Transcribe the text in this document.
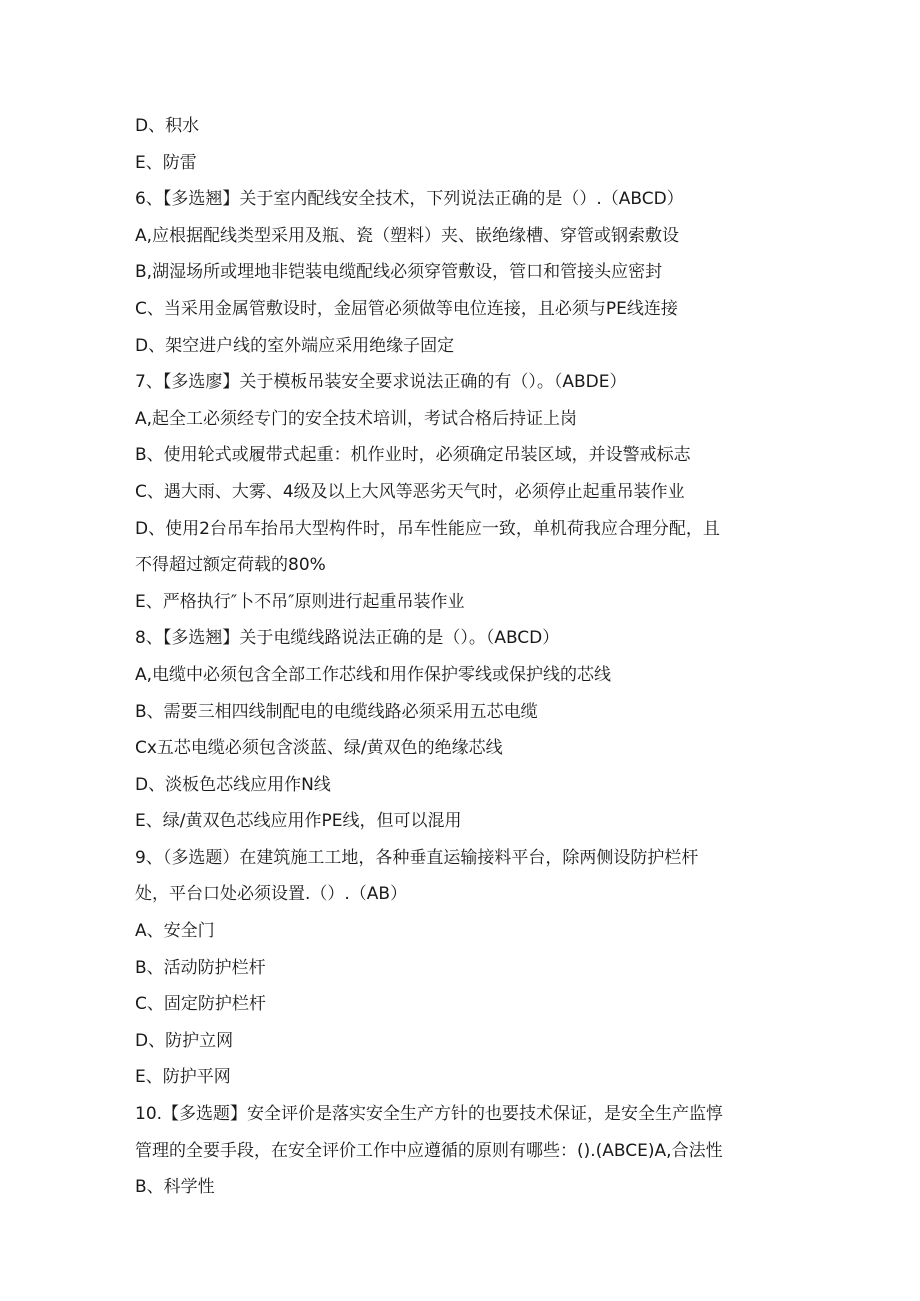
D、积水
E、防雷
6、【多选翘】关于室内配线安全技术，下列说法正确的是（）.（ABCD）
A,应根据配线类型采用及瓶、瓷（塑料）夹、嵌绝缘槽、穿管或钢索敷设
B,湖湿场所或埋地非铠装电缆配线必须穿管敷设，管口和管接头应密封
C、当采用金属管敷设时，金屈管必须做等电位连接，且必须与PE线连接
D、架空进户线的室外端应采用绝缘子固定
7、【多选廖】关于模板吊装安全要求说法正确的有（）。（ABDE）
A,起全工必须经专门的安全技术培训，考试合格后持证上岗
B、使用轮式或履带式起重：机作业时，必须确定吊装区域，并设警戒标志
C、遇大雨、大雾、4级及以上大风等恶劣天气时，必须停止起重吊装作业
D、使用2台吊车抬吊大型构件时，吊车性能应一致，单机荷我应合理分配，且
不得超过额定荷载的80%
E、严格执行″卜不吊″原则进行起重吊装作业
8、【多选翘】关于电缆线路说法正确的是（）。（ABCD）
A,电缆中必须包含全部工作芯线和用作保护零线或保护线的芯线
B、需要三相四线制配电的电缆线路必须采用五芯电缆
Cx五芯电缆必须包含淡蓝、绿/黄双色的绝缘芯线
D、淡板色芯线应用作N线
E、绿/黄双色芯线应用作PE线，但可以混用
9、（多选题）在建筑施工工地，各种垂直运输接料平台，除两侧设防护栏杆
处，平台口处必须设置.（）.（AB）
A、安全门
B、活动防护栏杆
C、固定防护栏杆
D、防护立网
E、防护平网
10.【多选题】安全评价是落实安全生产方针的也要技术保证，是安全生产监惇
管理的全要手段，在安全评价工作中应遵循的原则有哪些：().(ABCE)A,合法性
B、科学性
